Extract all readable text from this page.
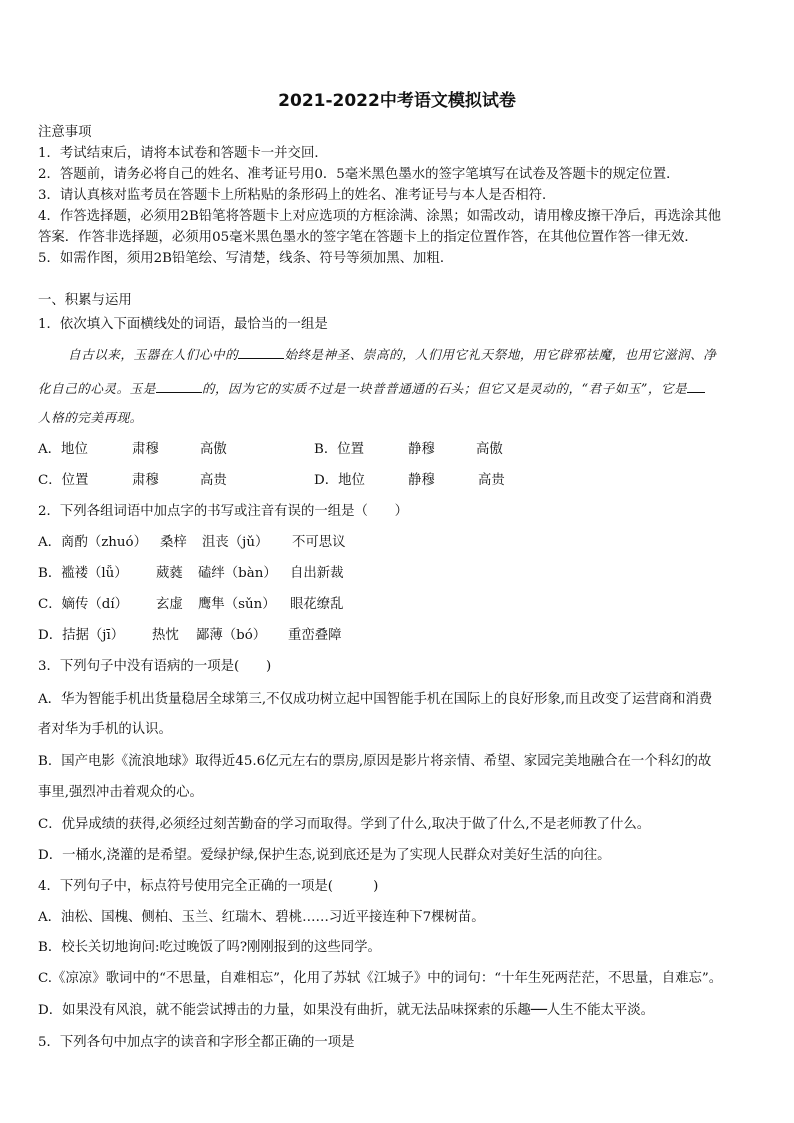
2021-2022中考语文模拟试卷
注意事项
1．考试结束后，请将本试卷和答题卡一并交回．
2．答题前，请务必将自己的姓名、准考证号用0．5毫米黑色墨水的签字笔填写在试卷及答题卡的规定位置．
3．请认真核对监考员在答题卡上所粘贴的条形码上的姓名、准考证号与本人是否相符．
4．作答选择题，必须用2B铅笔将答题卡上对应选项的方框涂满、涂黑；如需改动，请用橡皮擦干净后，再选涂其他
答案．作答非选择题，必须用05毫米黑色墨水的签字笔在答题卡上的指定位置作答，在其他位置作答一律无效．
5．如需作图，须用2B铅笔绘、写清楚，线条、符号等须加黑、加粗．
一、积累与运用
1．依次填入下面横线处的词语，最恰当的一组是
自古以来，玉器在人们心中的	始终是神圣、崇高的，人们用它礼天祭地，用它辟邪祛魔，也用它滋润、净
化自己的心灵。玉是	的，因为它的实质不过是一块普普通通的石头；但它又是灵动的，“君子如玉”，它是
人格的完美再现。
A．地位	肃穆	高傲	B．位置	静穆	高傲
C．位置	肃穆	高贵	D．地位	静穆	高贵
2．下列各组词语中加点字的书写或注音有误的一组是（　　）
A．啇酌（zhuó） 桑梓 沮丧（jǔ） 不可思议
B．褴褛（lǚ） 葳蕤 磕绊（bàn） 自出新裁
C．嫡传（dí） 玄虚 鹰隼（sǔn） 眼花缭乱
D．拮据（jī） 热忱 鄙薄（bó） 重峦叠障
3．下列句子中没有语病的一项是(　　)
A．华为智能手机出货量稳居全球第三,不仅成功树立起中国智能手机在国际上的良好形象,而且改变了运营商和消费
者对华为手机的认识。
B．国产电影《流浪地球》取得近45.6亿元左右的票房,原因是影片将亲情、希望、家园完美地融合在一个科幻的故
事里,强烈冲击着观众的心。
C．优异成绩的获得,必须经过刻苦勤奋的学习而取得。学到了什么,取决于做了什么,不是老师教了什么。
D．一桶水,浇灌的是希望。爱绿护绿,保护生态,说到底还是为了实现人民群众对美好生活的向往。
4．下列句子中，标点符号使用完全正确的一项是(　　　)
A．油松、国槐、侧柏、玉兰、红瑞木、碧桃……习近平接连种下7棵树苗。
B．校长关切地询问:吃过晚饭了吗?刚刚报到的这些同学。
C.《凉凉》歌词中的“不思量，自难相忘”，化用了苏轼《江城子》中的词句：“十年生死两茫茫，不思量，自难忘”。
D．如果没有风浪，就不能尝试搏击的力量，如果没有曲折，就无法品味探索的乐趣──人生不能太平淡。
5．下列各句中加点字的读音和字形全都正确的一项是
